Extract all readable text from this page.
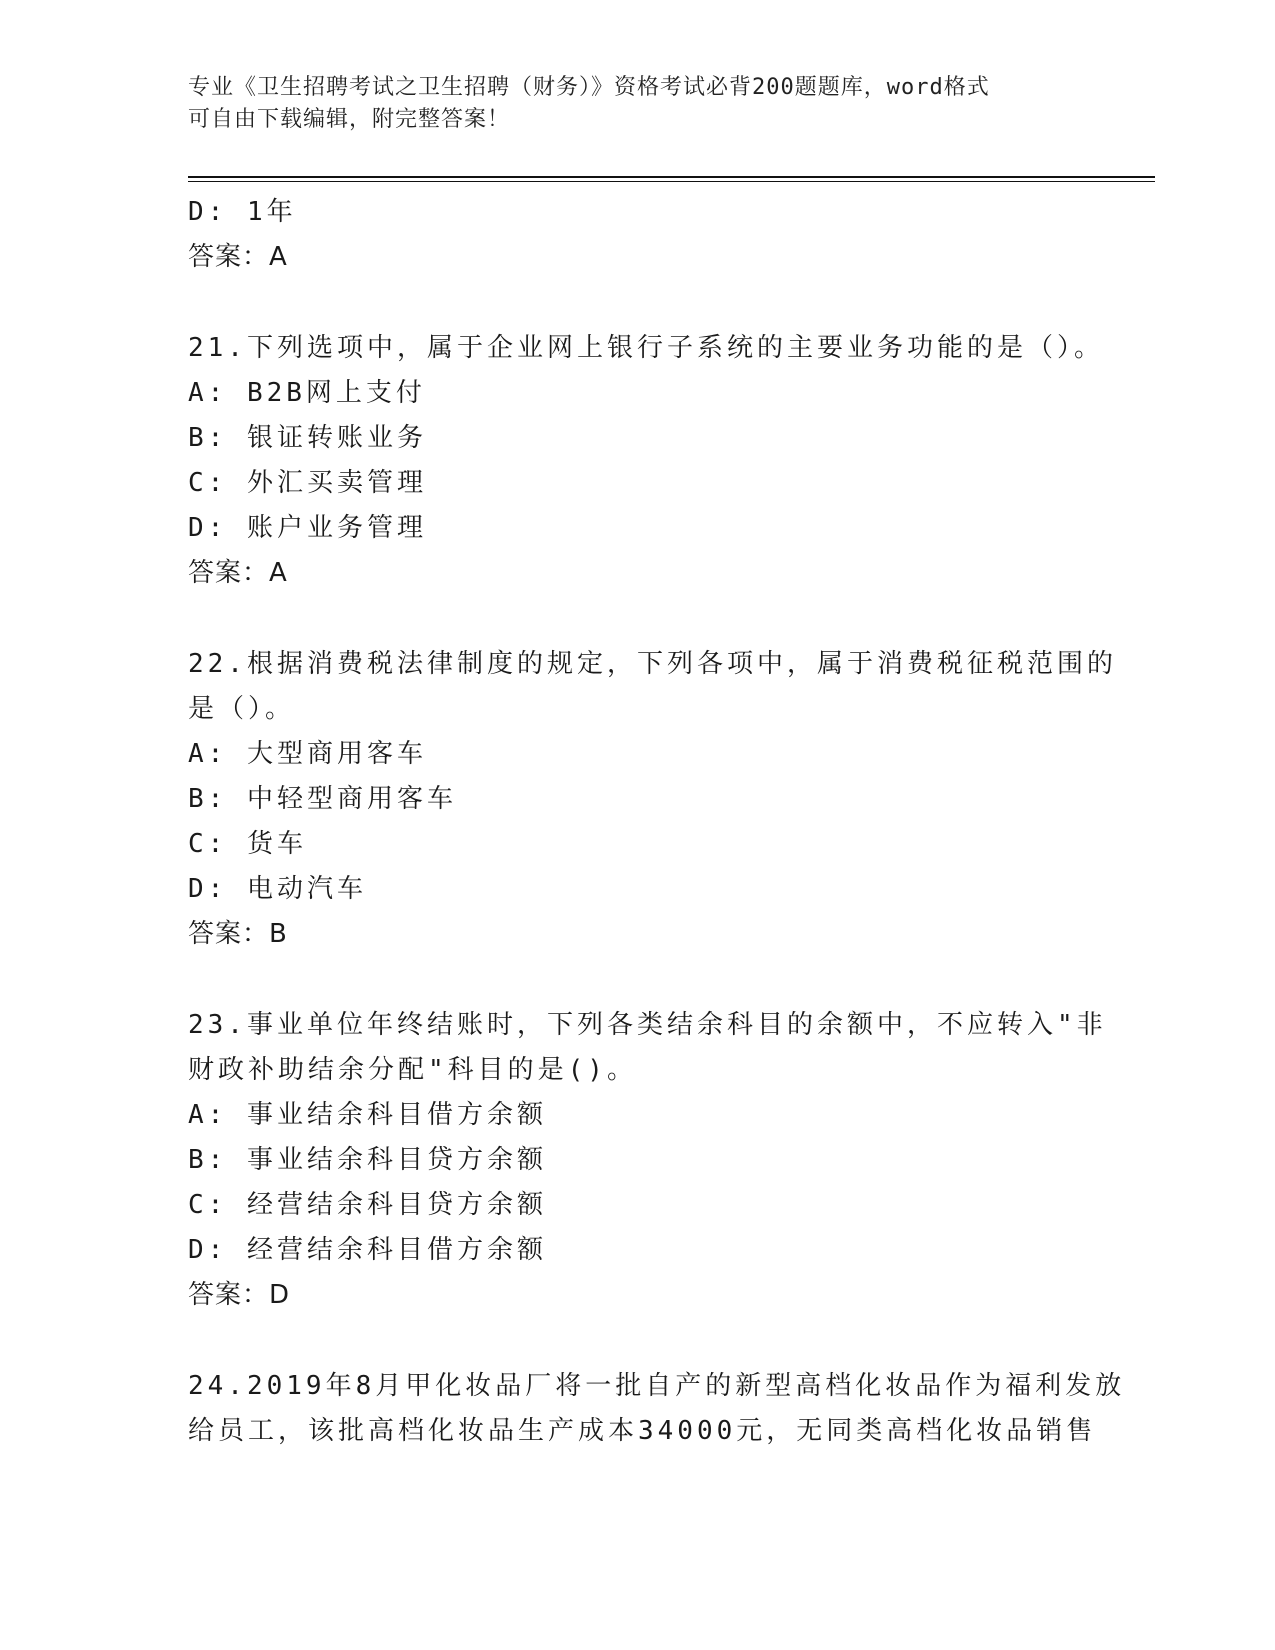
专业《卫生招聘考试之卫生招聘（财务）》资格考试必背200题题库，word格式
可自由下载编辑，附完整答案！
D: 1年
答案：A
21.下列选项中，属于企业网上银行子系统的主要业务功能的是（）。
A: B2B网上支付
B: 银证转账业务
C: 外汇买卖管理
D: 账户业务管理
答案：A
22.根据消费税法律制度的规定，下列各项中，属于消费税征税范围的
是（）。
A: 大型商用客车
B: 中轻型商用客车
C: 货车
D: 电动汽车
答案：B
23.事业单位年终结账时，下列各类结余科目的余额中，不应转入"非
财政补助结余分配"科目的是()。
A: 事业结余科目借方余额
B: 事业结余科目贷方余额
C: 经营结余科目贷方余额
D: 经营结余科目借方余额
答案：D
24.2019年8月甲化妆品厂将一批自产的新型高档化妆品作为福利发放
给员工，该批高档化妆品生产成本34000元，无同类高档化妆品销售
